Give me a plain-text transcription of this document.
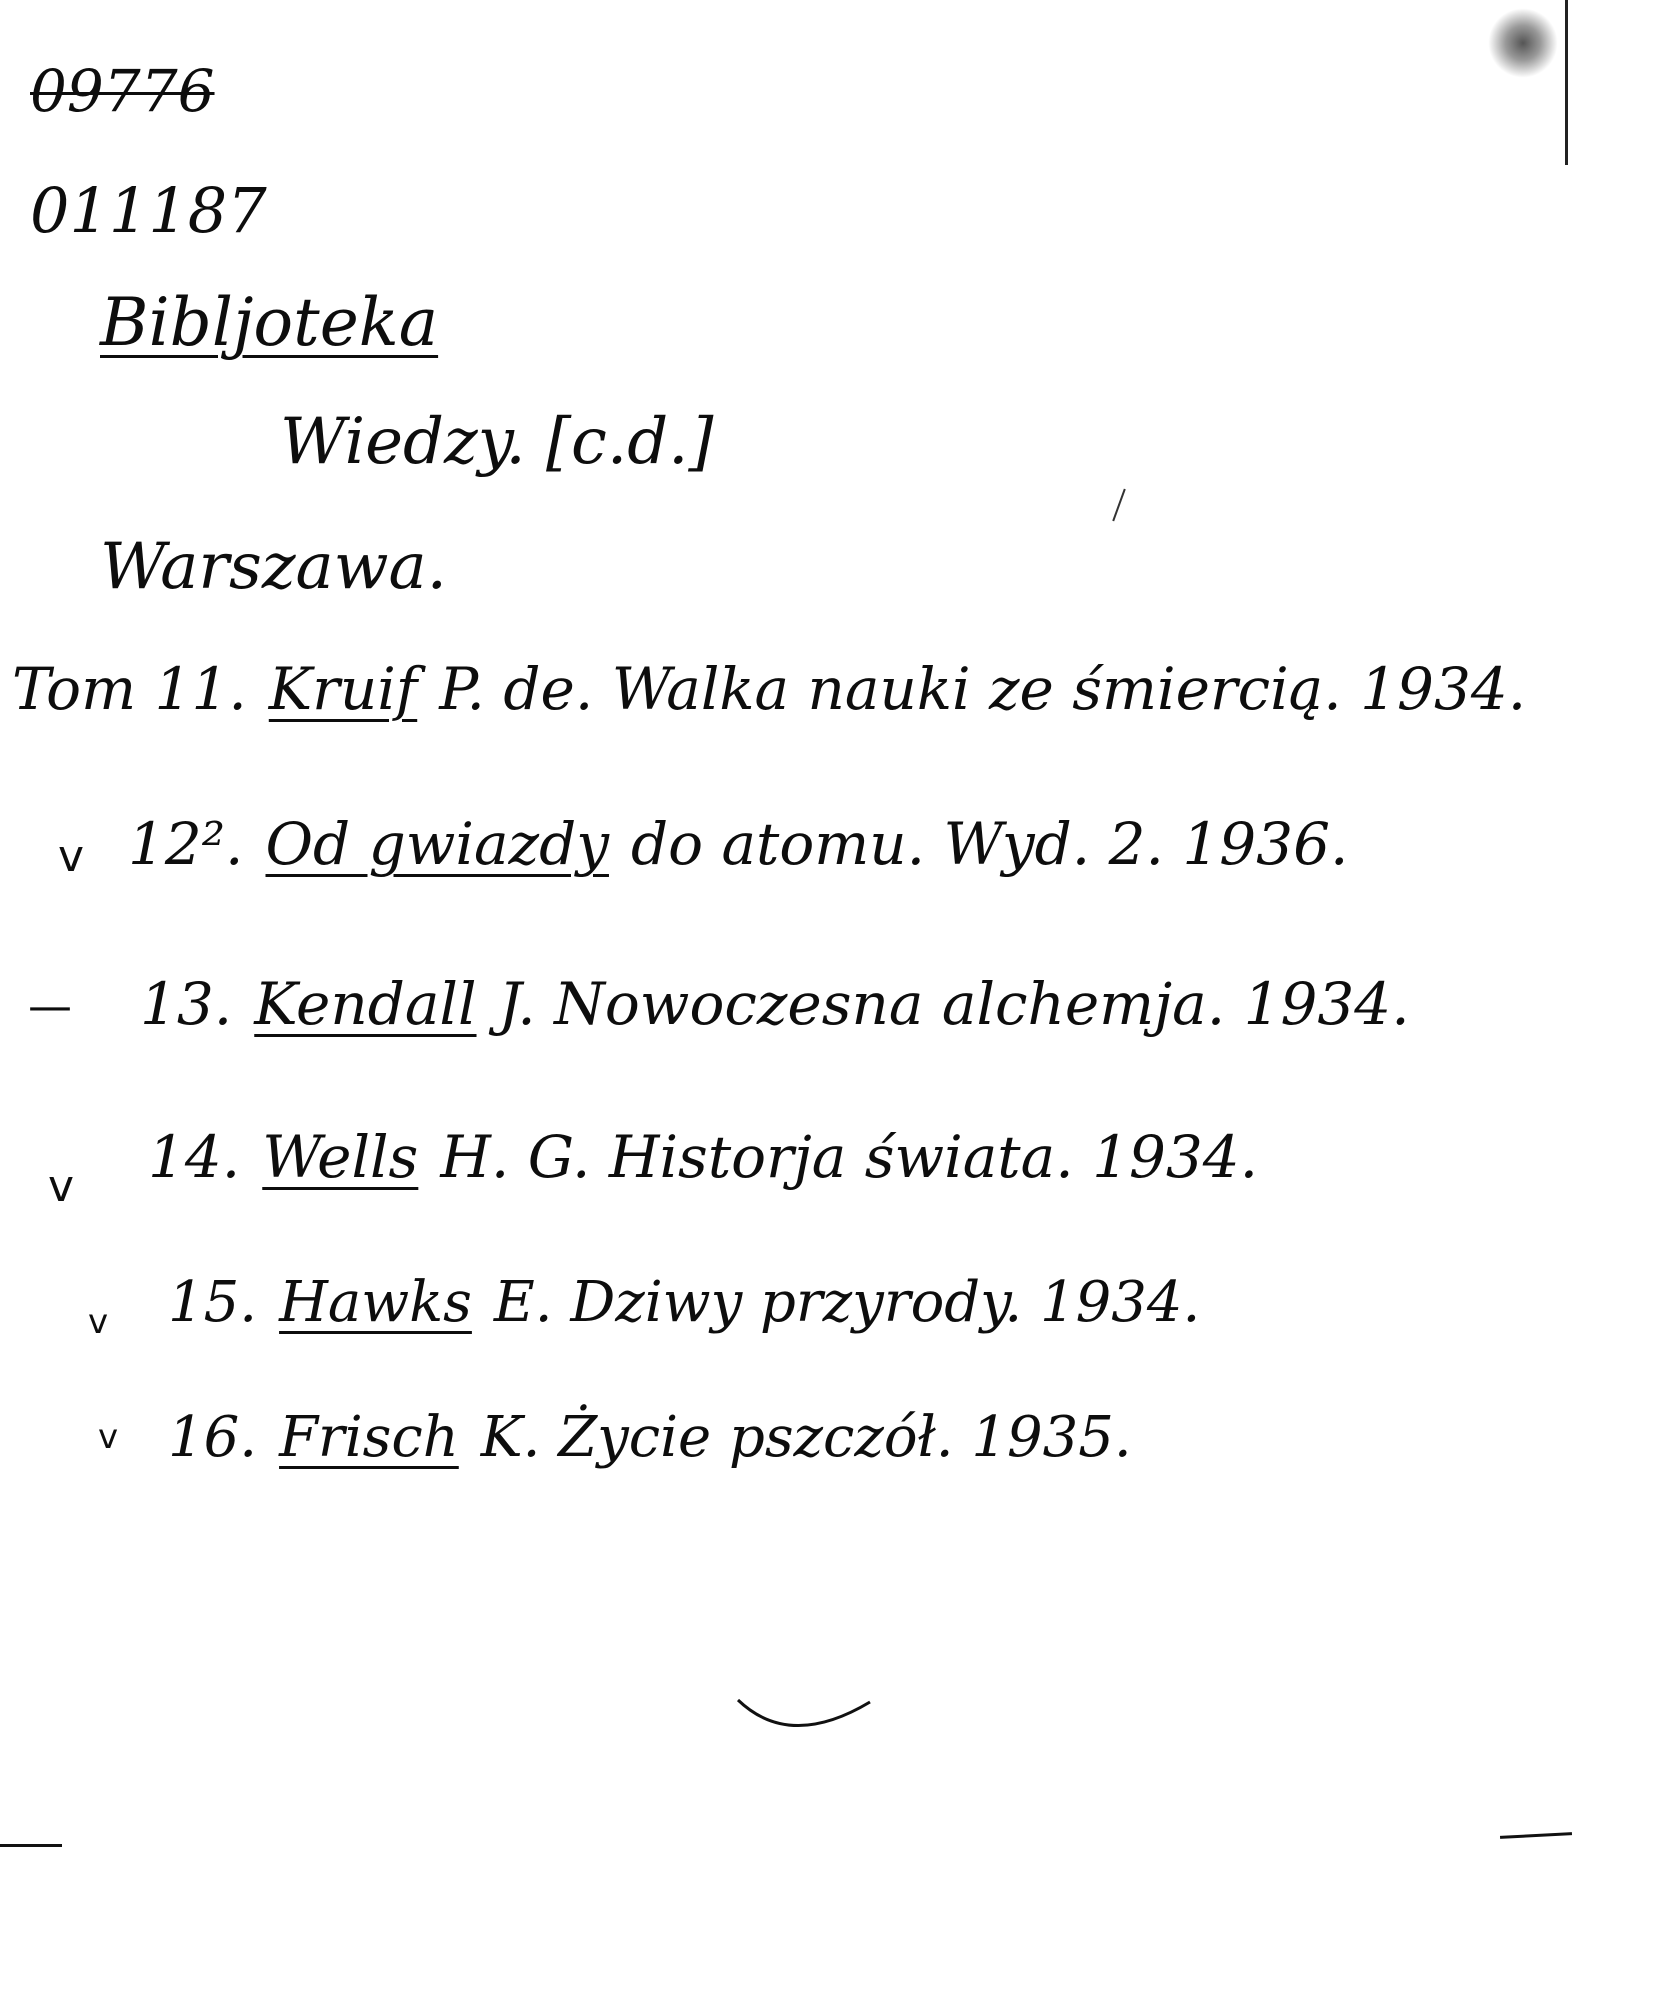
09776
011187
Bibljoteka
Wiedzy. [c.d.]
Warszawa.
Tom 11. Kruif P. de. Walka nauki ze śmiercią. 1934.
v 12². Od gwiazdy do atomu. Wyd. 2. 1936.
— 13. Kendall J. Nowoczesna alchemja. 1934.
v 14. Wells H. G. Historja świata. 1934.
v 15. Hawks E. Dziwy przyrody. 1934.
v 16. Frisch K. Życie pszczół. 1935.
